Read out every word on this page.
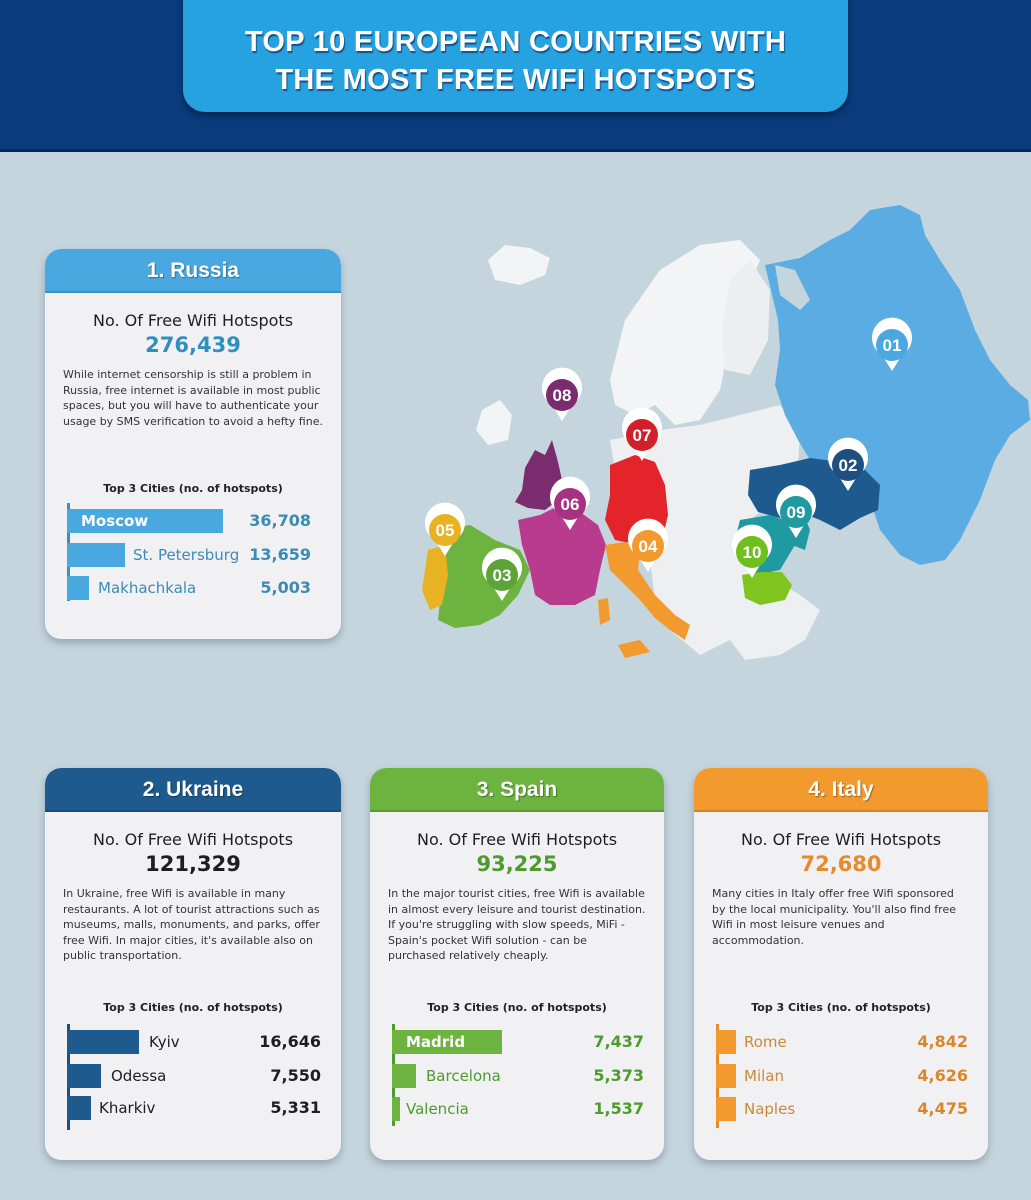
TOP 10 EUROPEAN COUNTRIES WITH
THE MOST FREE WIFI HOTSPOTS
1. Russia
No. Of Free Wifi Hotspots
276,439
While internet censorship is still a problem in Russia, free internet is available in most public spaces, but you will have to authenticate your usage by SMS verification to avoid a hefty fine.
Top 3 Cities (no. of hotspots)
Moscow	36,708
St. Petersburg 13,659
Makhachkala	5,003
01
02
03
04
05
06
07
08
09
10
2. Ukraine
No. Of Free Wifi Hotspots
121,329
In Ukraine, free Wifi is available in many restaurants. A lot of tourist attractions such as museums, malls, monuments, and parks, offer free Wifi. In major cities, it's available also on public transportation.
Top 3 Cities (no. of hotspots)
Kyiv	16,646
Odessa	7,550
Kharkiv	5,331
3. Spain
No. Of Free Wifi Hotspots
93,225
In the major tourist cities, free Wifi is available in almost every leisure and tourist destination. If you're struggling with slow speeds, MiFi - Spain's pocket Wifi solution - can be purchased relatively cheaply.
Top 3 Cities (no. of hotspots)
Madrid	7,437
Barcelona	5,373
Valencia	1,537
4. Italy
No. Of Free Wifi Hotspots
72,680
Many cities in Italy offer free Wifi sponsored by the local municipality. You'll also find free Wifi in most leisure venues and accommodation.
Top 3 Cities (no. of hotspots)
Rome	4,842
Milan	4,626
Naples	4,475
